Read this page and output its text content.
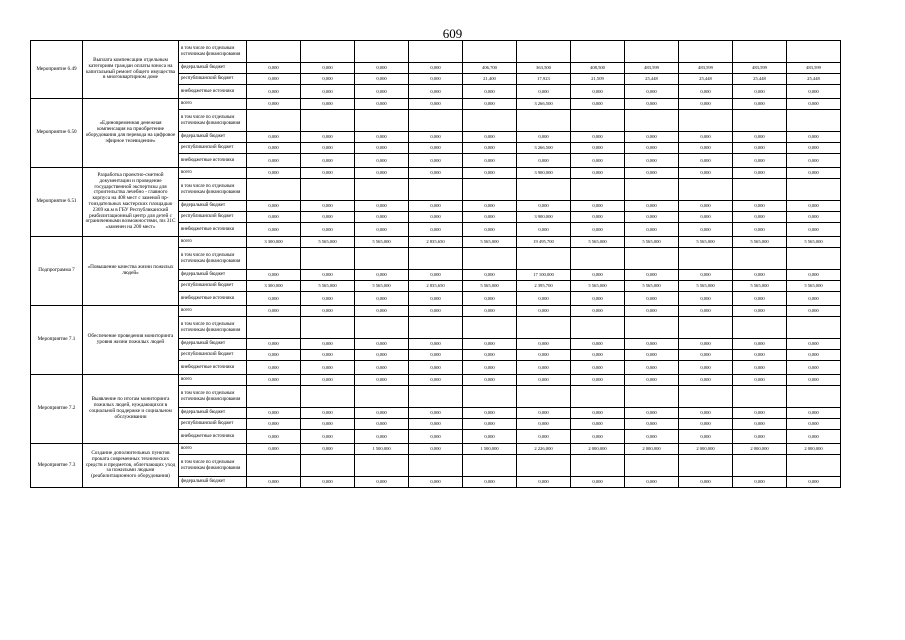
609
Мероприятие 6.49	Выплата компенсации отдельным категориям граждан оплаты взноса на капитальный ремонт общего имущества в многоквартирном доме	в том числе по отдельным источникам финансирования											
		федеральный бюджет	0,000	0,000	0,000	0,000	406,700	363,500	408,500	483,599	483,599	483,599	483,599
		республиканский бюджет	0,000	0,000	0,000	0,000	21,400	17,923	21,509	25,448	25,448	25,448	25,448
		внебюджетные источники	0,000	0,000	0,000	0,000	0,000	0,000	0,000	0,000	0,000	0,000	0,000
Мероприятие 6.50	«Единовременная денежная компенсация на приобретение оборудования для перевода на цифровое эфирное телевидение»	всего	0,000	0,000	0,000	0,000	0,000	3 266,500	0,000	0,000	0,000	0,000	0,000
		в том числе по отдельным источникам финансирования											
		федеральный бюджет	0,000	0,000	0,000	0,000	0,000	0,000	0,000	0,000	0,000	0,000	0,000
		республиканский бюджет	0,000	0,000	0,000	0,000	0,000	3 266,500	0,000	0,000	0,000	0,000	0,000
		внебюджетные источники	0,000	0,000	0,000	0,000	0,000	0,000	0,000	0,000	0,000	0,000	0,000
Мероприятие 6.51	Разработка проектно-сметной документации и проведение государственной экспертизы для строительства лечебно - главного корпуса на 408 мест с заменой пр-тоиздательных мастерских площадью 2369 кв.м в ГБУ Республиканский реабилитационный центр для детей с ограниченными возможностями, ms 31С «заменен на 200 мест»	всего	0,000	0,000	0,000	0,000	0,000	3 900,000	0,000	0,000	0,000	0,000	0,000
		в том числе по отдельным источникам финансирования											
		федеральный бюджет	0,000	0,000	0,000	0,000	0,000	0,000	0,000	0,000	0,000	0,000	0,000
		республиканский бюджет	0,000	0,000	0,000	0,000	0,000	3 900,000	0,000	0,000	0,000	0,000	0,000
		внебюджетные источники	0,000	0,000	0,000	0,000	0,000	0,000	0,000	0,000	0,000	0,000	0,000
Подпрограмма 7	«Повышение качества жизни пожилых людей»	всего	3 300,000	5 565,000	5 565,000	2 835,650	5 565,000	19 495,700	5 565,000	5 565,000	5 565,000	5 565,000	5 565,000
		в том числе по отдельным источникам финансирования											
		федеральный бюджет	0,000	0,000	0,000	0,000	0,000	17 100,000	0,000	0,000	0,000	0,000	0,000
		республиканский бюджет	3 300,000	5 565,000	5 565,000	2 835,650	5 565,000	2 395,700	5 565,000	5 565,000	5 565,000	5 565,000	5 565,000
		внебюджетные источники	0,000	0,000	0,000	0,000	0,000	0,000	0,000	0,000	0,000	0,000	0,000
Мероприятие 7.1	Обеспечение проведения мониторинга уровня жизни пожилых людей	всего	0,000	0,000	0,000	0,000	0,000	0,000	0,000	0,000	0,000	0,000	0,000
		в том числе по отдельным источникам финансирования											
		федеральный бюджет	0,000	0,000	0,000	0,000	0,000	0,000	0,000	0,000	0,000	0,000	0,000
		республиканский бюджет	0,000	0,000	0,000	0,000	0,000	0,000	0,000	0,000	0,000	0,000	0,000
		внебюджетные источники	0,000	0,000	0,000	0,000	0,000	0,000	0,000	0,000	0,000	0,000	0,000
Мероприятие 7.2	Выявление по итогам мониторинга пожилых людей, нуждающихся в социальной поддержке и социальном обслуживании	всего	0,000	0,000	0,000	0,000	0,000	0,000	0,000	0,000	0,000	0,000	0,000
		в том числе по отдельным источникам финансирования											
		федеральный бюджет	0,000	0,000	0,000	0,000	0,000	0,000	0,000	0,000	0,000	0,000	0,000
		республиканский бюджет	0,000	0,000	0,000	0,000	0,000	0,000	0,000	0,000	0,000	0,000	0,000
		внебюджетные источники	0,000	0,000	0,000	0,000	0,000	0,000	0,000	0,000	0,000	0,000	0,000
Мероприятие 7.3	Создание дополнительных пунктов проката современных технических средств и предметов, облегчающих уход за пожилыми людьми (реабилитационного оборудования)	всего	0,000	0,000	1 500,000	0,000	1 500,000	2 226,000	2 000,000	2 000,000	2 000,000	2 000,000	2 000,000
		в том числе по отдельным источникам финансирования											
		федеральный бюджет	0,000	0,000	0,000	0,000	0,000	0,000	0,000	0,000	0,000	0,000	0,000
